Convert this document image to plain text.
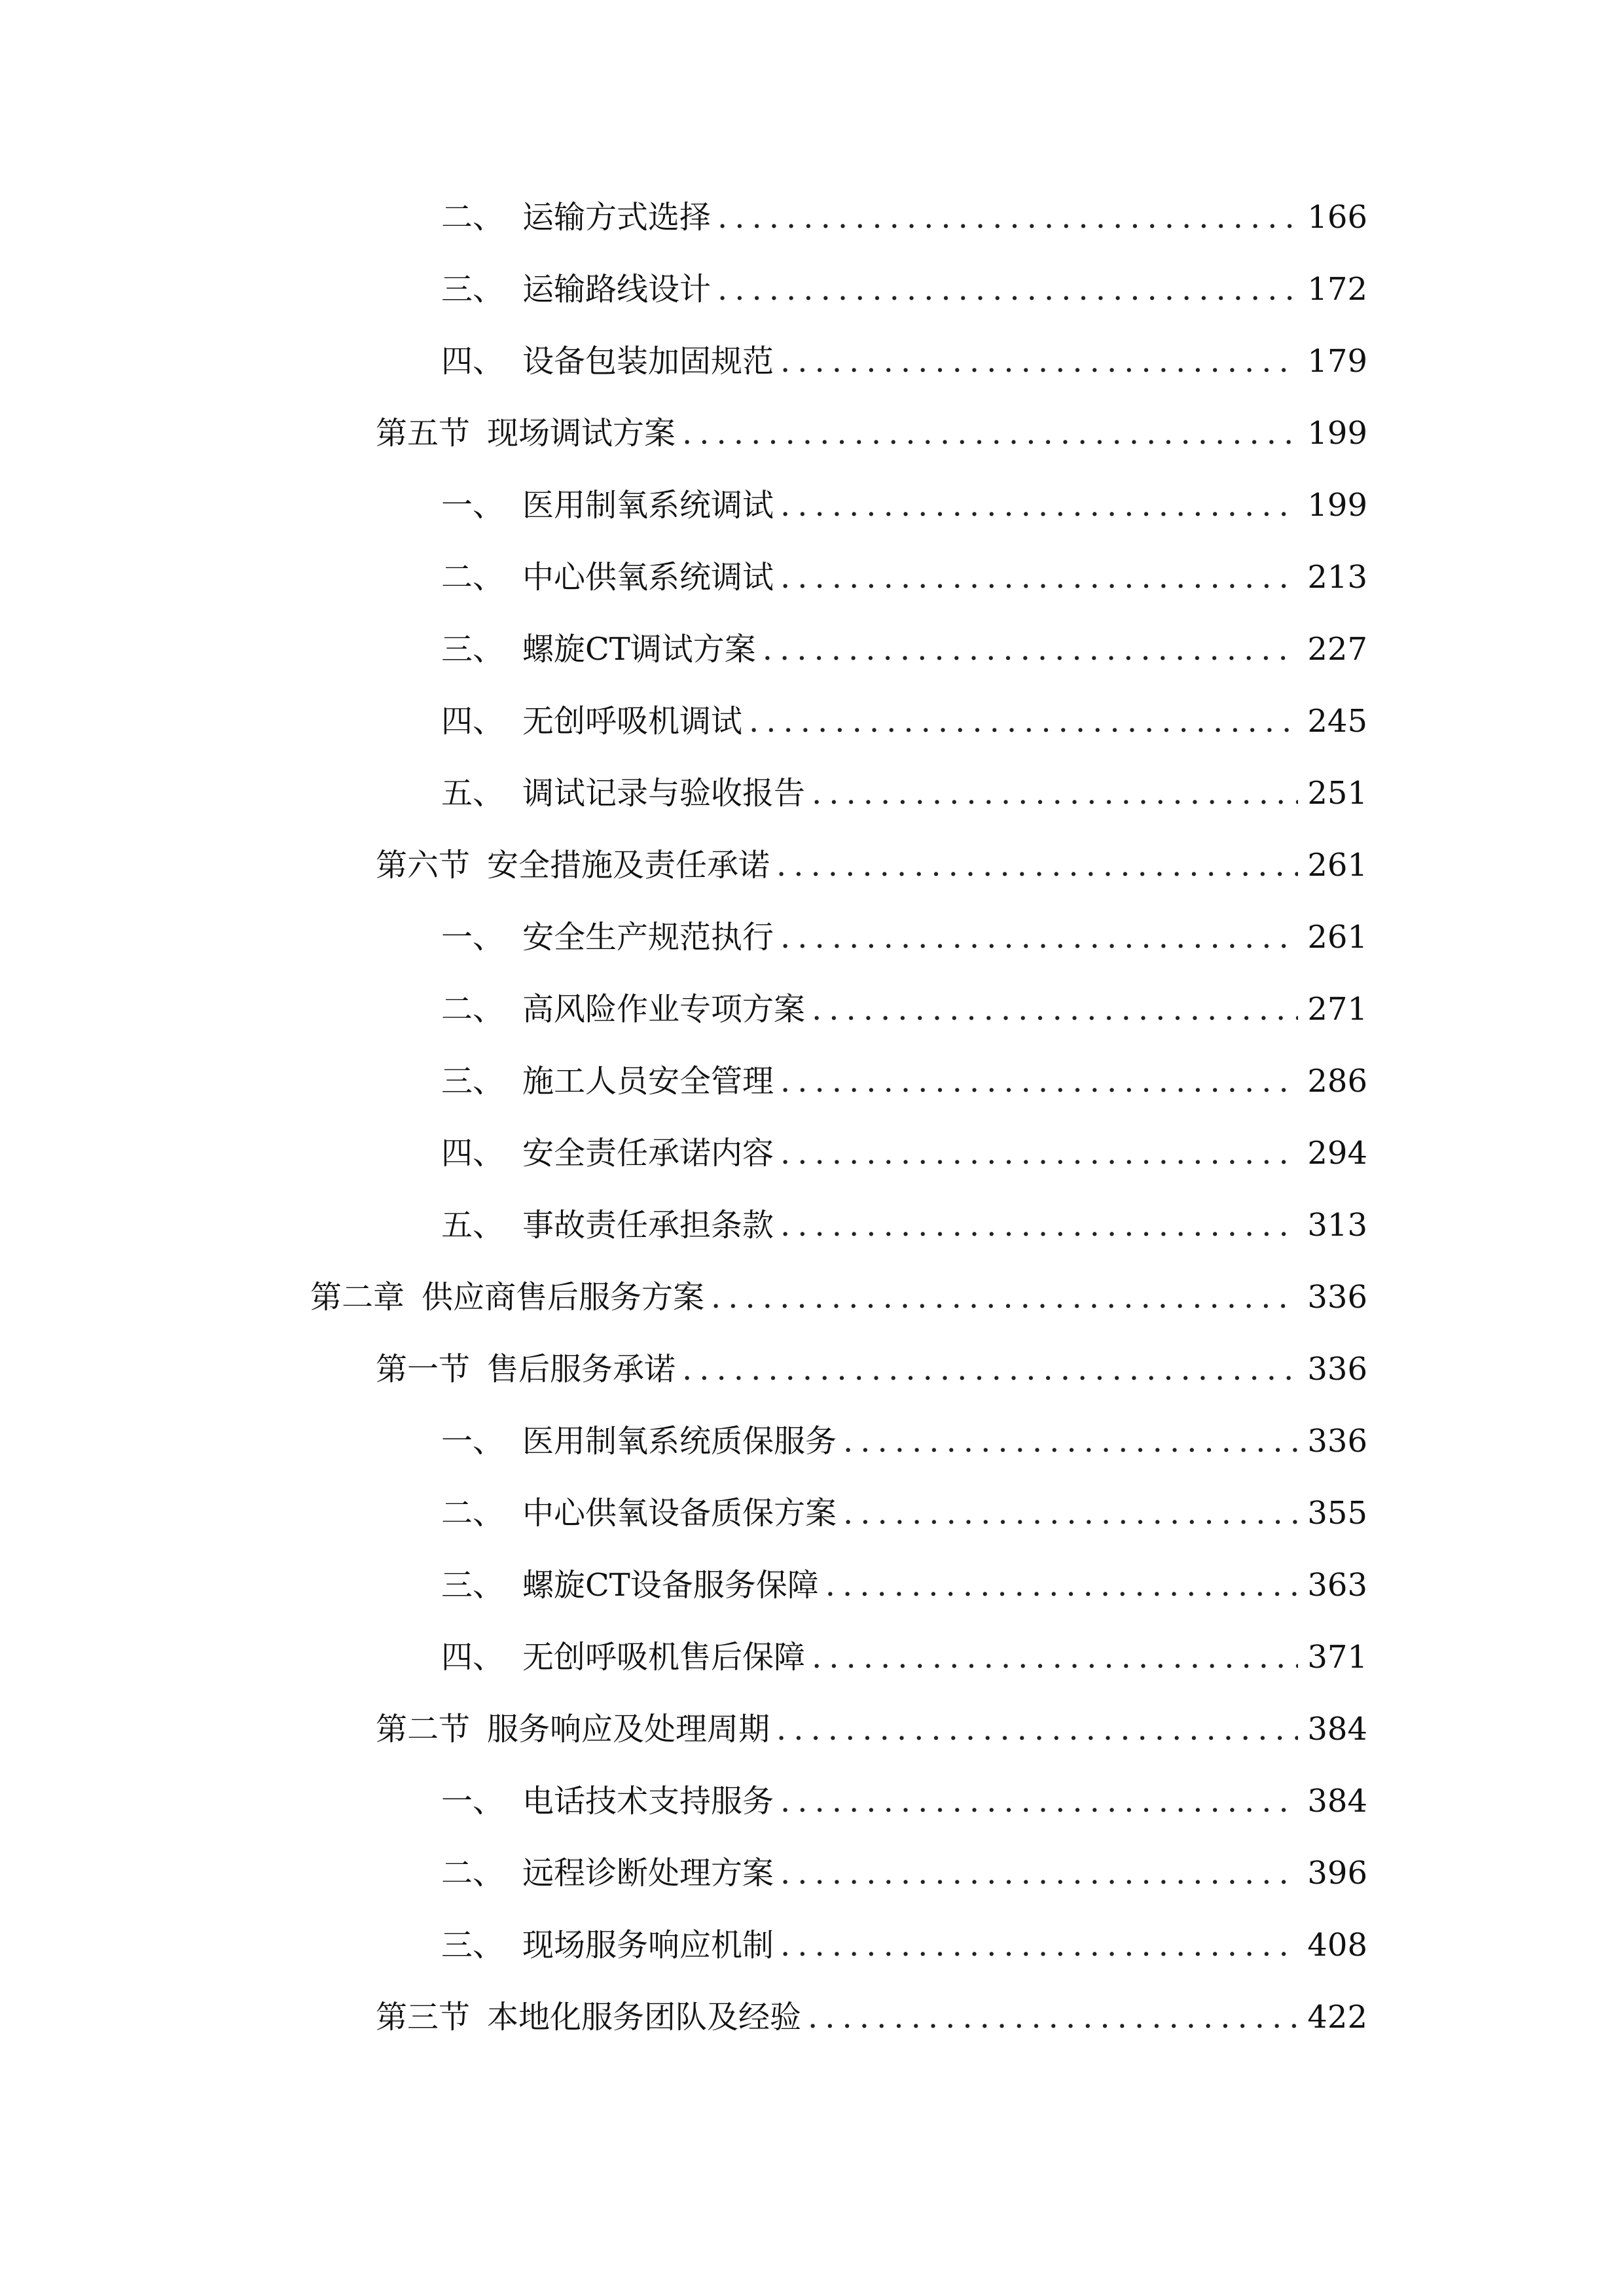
二、 运输方式选择 .....	166
三、 运输路线设计 .....	172
四、 设备包装加固规范 .....	179
第五节 现场调试方案 .....	199
一、 医用制氧系统调试 .....	199
二、 中心供氧系统调试 .....	213
三、 螺旋CT调试方案 .....	227
四、 无创呼吸机调试 .....	245
五、 调试记录与验收报告 .....	251
第六节 安全措施及责任承诺 .....	261
一、 安全生产规范执行 .....	261
二、 高风险作业专项方案 .....	271
三、 施工人员安全管理 .....	286
四、 安全责任承诺内容 .....	294
五、 事故责任承担条款 .....	313
第二章 供应商售后服务方案 .....	336
第一节 售后服务承诺 .....	336
一、 医用制氧系统质保服务 .....	336
二、 中心供氧设备质保方案 .....	355
三、 螺旋CT设备服务保障 .....	363
四、 无创呼吸机售后保障 .....	371
第二节 服务响应及处理周期 .....	384
一、 电话技术支持服务 .....	384
二、 远程诊断处理方案 .....	396
三、 现场服务响应机制 .....	408
第三节 本地化服务团队及经验 .....	422
